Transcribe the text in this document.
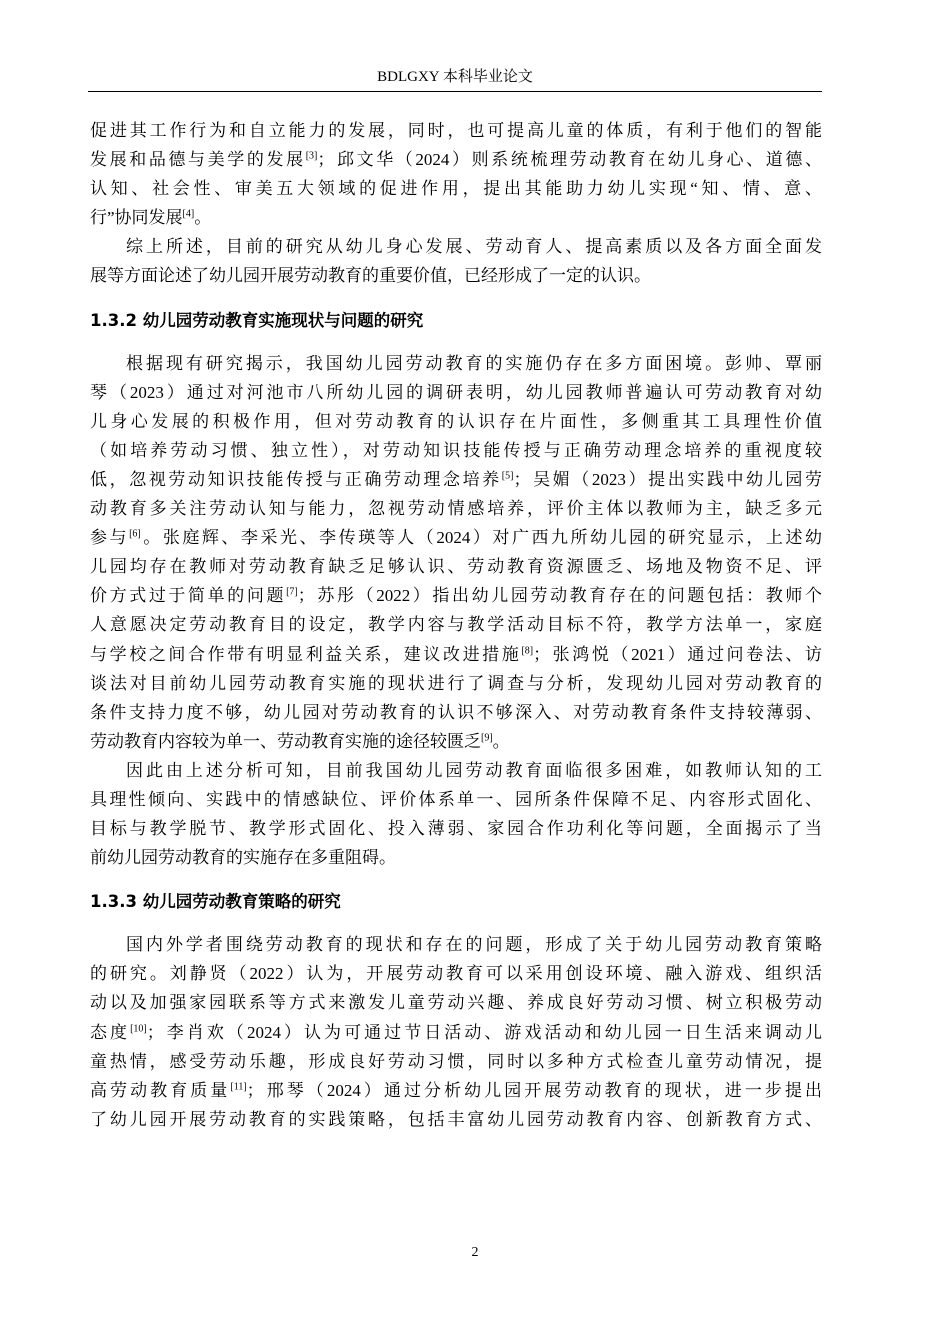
BDLGXY 本科毕业论文
促进其工作行为和自立能力的发展，同时，也可提高儿童的体质，有利于他们的智能
发展和品德与美学的发展[3]；邱文华（2024）则系统梳理劳动教育在幼儿身心、道德、
认知、社会性、审美五大领域的促进作用，提出其能助力幼儿实现“知、情、意、
行”协同发展[4]。
综上所述，目前的研究从幼儿身心发展、劳动育人、提高素质以及各方面全面发
展等方面论述了幼儿园开展劳动教育的重要价值，已经形成了一定的认识。
1.3.2 幼儿园劳动教育实施现状与问题的研究
根据现有研究揭示，我国幼儿园劳动教育的实施仍存在多方面困境。彭帅、覃丽
琴（2023）通过对河池市八所幼儿园的调研表明，幼儿园教师普遍认可劳动教育对幼
儿身心发展的积极作用，但对劳动教育的认识存在片面性，多侧重其工具理性价值
（如培养劳动习惯、独立性），对劳动知识技能传授与正确劳动理念培养的重视度较
低，忽视劳动知识技能传授与正确劳动理念培养[5]；吴媚（2023）提出实践中幼儿园劳
动教育多关注劳动认知与能力，忽视劳动情感培养，评价主体以教师为主，缺乏多元
参与[6]。张庭辉、李采光、李传瑛等人（2024）对广西九所幼儿园的研究显示，上述幼
儿园均存在教师对劳动教育缺乏足够认识、劳动教育资源匮乏、场地及物资不足、评
价方式过于简单的问题[7]；苏彤（2022）指出幼儿园劳动教育存在的问题包括：教师个
人意愿决定劳动教育目的设定，教学内容与教学活动目标不符，教学方法单一，家庭
与学校之间合作带有明显利益关系，建议改进措施[8]；张鸿悦（2021）通过问卷法、访
谈法对目前幼儿园劳动教育实施的现状进行了调查与分析，发现幼儿园对劳动教育的
条件支持力度不够，幼儿园对劳动教育的认识不够深入、对劳动教育条件支持较薄弱、
劳动教育内容较为单一、劳动教育实施的途径较匮乏[9]。
因此由上述分析可知，目前我国幼儿园劳动教育面临很多困难，如教师认知的工
具理性倾向、实践中的情感缺位、评价体系单一、园所条件保障不足、内容形式固化、
目标与教学脱节、教学形式固化、投入薄弱、家园合作功利化等问题，全面揭示了当
前幼儿园劳动教育的实施存在多重阻碍。
1.3.3 幼儿园劳动教育策略的研究
国内外学者围绕劳动教育的现状和存在的问题，形成了关于幼儿园劳动教育策略
的研究。刘静贤（2022）认为，开展劳动教育可以采用创设环境、融入游戏、组织活
动以及加强家园联系等方式来激发儿童劳动兴趣、养成良好劳动习惯、树立积极劳动
态度[10]；李肖欢（2024）认为可通过节日活动、游戏活动和幼儿园一日生活来调动儿
童热情，感受劳动乐趣，形成良好劳动习惯，同时以多种方式检查儿童劳动情况，提
高劳动教育质量[11]；邢琴（2024）通过分析幼儿园开展劳动教育的现状，进一步提出
了幼儿园开展劳动教育的实践策略，包括丰富幼儿园劳动教育内容、创新教育方式、
2
